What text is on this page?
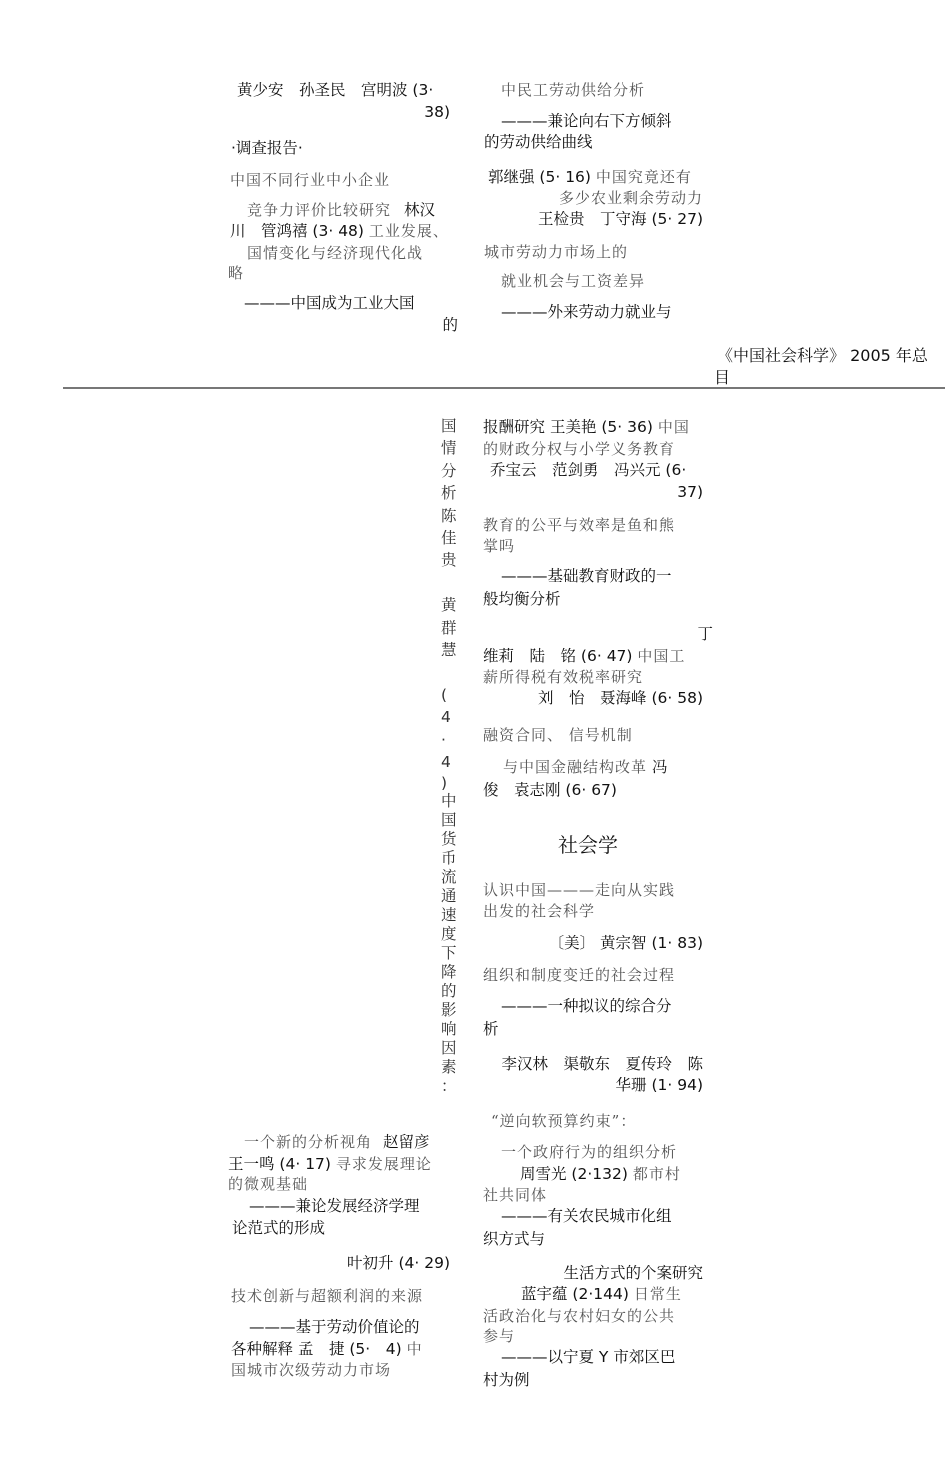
黄少安　孙圣民　宫明波 (3·
38)
·调查报告·
中国不同行业中小企业
竞争力评价比较研究 林汉
川　管鸿禧 (3· 48) 工业发展、
国情变化与经济现代化战
略
———中国成为工业大国
的
中民工劳动供给分析
———兼论向右下方倾斜
的劳动供给曲线
郭继强 (5· 16) 中国究竟还有
多少农业剩余劳动力
王检贵　丁守海 (5· 27)
城市劳动力市场上的
就业机会与工资差异
———外来劳动力就业与
《中国社会科学》 2005 年总
目
国
情
分
析
陈
佳
贵

黄
群
慧

(
4
·
4
)
中
国
货
币
流
通
速
度
下
降
的
影
响
因
素
：
一个新的分析视角 赵留彦
王一鸣 (4· 17) 寻求发展理论
的微观基础
———兼论发展经济学理
论范式的形成
叶初升 (4· 29)
技术创新与超额利润的来源
———基于劳动价值论的
各种解释 孟　捷 (5·　4) 中
国城市次级劳动力市场
报酬研究 王美艳 (5· 36) 中国
的财政分权与小学义务教育
乔宝云　范剑勇　冯兴元 (6·
37)
教育的公平与效率是鱼和熊
掌吗
———基础教育财政的一
般均衡分析
丁
维莉　陆　铭 (6· 47) 中国工
薪所得税有效税率研究
刘　怡　聂海峰 (6· 58)
融资合同、 信号机制
与中国金融结构改革 冯
俊　袁志刚 (6· 67)
社会学
认识中国———走向从实践
出发的社会科学
〔美〕 黄宗智 (1· 83)
组织和制度变迁的社会过程
———一种拟议的综合分
析
李汉林　渠敬东　夏传玲　陈
华珊 (1· 94)
“逆向软预算约束”：
一个政府行为的组织分析
周雪光 (2·132) 都市村
社共同体
———有关农民城市化组
织方式与
生活方式的个案研究
蓝宇蕴 (2·144) 日常生
活政治化与农村妇女的公共
参与
———以宁夏 Y 市郊区巴
村为例
